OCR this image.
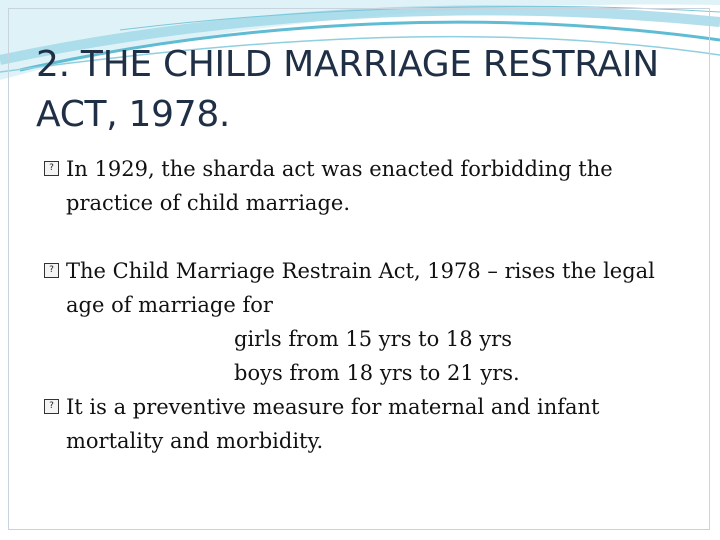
2. THE CHILD MARRIAGE RESTRAIN
ACT, 1978.
? In 1929, the sharda act was enacted forbidding the
practice of child marriage.
? The Child Marriage Restrain Act, 1978 – rises the legal
age of marriage for
girls from 15 yrs to 18 yrs
boys from 18 yrs to 21 yrs.
? It is a preventive measure for maternal and infant
mortality and morbidity.
